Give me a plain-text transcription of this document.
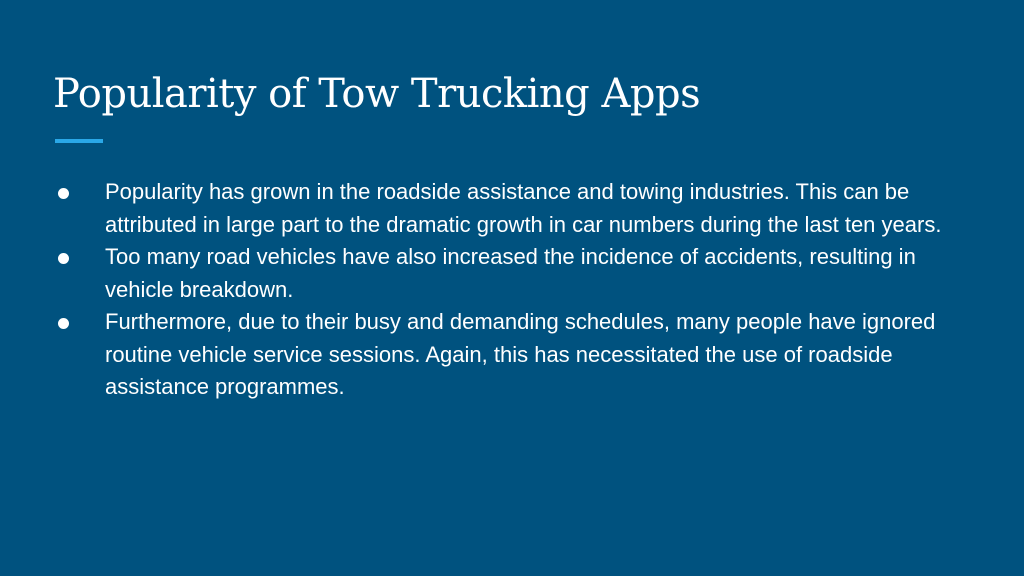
Popularity of Tow Trucking Apps
Popularity has grown in the roadside assistance and towing industries. This can be attributed in large part to the dramatic growth in car numbers during the last ten years.
Too many road vehicles have also increased the incidence of accidents, resulting in vehicle breakdown.
Furthermore, due to their busy and demanding schedules, many people have ignored routine vehicle service sessions. Again, this has necessitated the use of roadside assistance programmes.
